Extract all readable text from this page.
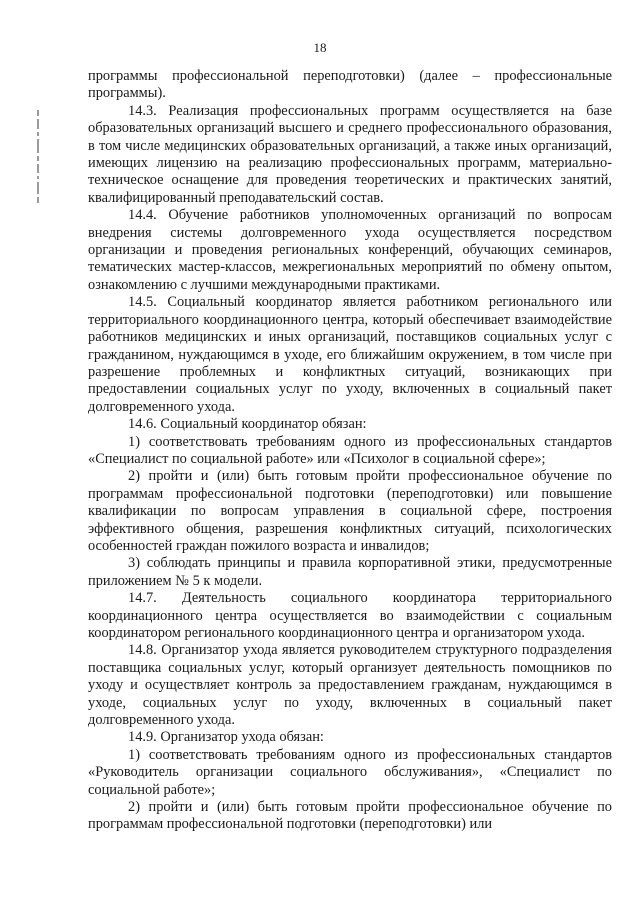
18

программы профессиональной переподготовки) (далее – профессиональные программы).

14.3. Реализация профессиональных программ осуществляется на базе образовательных организаций высшего и среднего профессионального образования, в том числе медицинских образовательных организаций, а также иных организаций, имеющих лицензию на реализацию профессиональных программ, материально-техническое оснащение для проведения теоретических и практических занятий, квалифицированный преподавательский состав.

14.4. Обучение работников уполномоченных организаций по вопросам внедрения системы долговременного ухода осуществляется посредством организации и проведения региональных конференций, обучающих семинаров, тематических мастер-классов, межрегиональных мероприятий по обмену опытом, ознакомлению с лучшими международными практиками.

14.5. Социальный координатор является работником регионального или территориального координационного центра, который обеспечивает взаимодействие работников медицинских и иных организаций, поставщиков социальных услуг с гражданином, нуждающимся в уходе, его ближайшим окружением, в том числе при разрешение проблемных и конфликтных ситуаций, возникающих при предоставлении социальных услуг по уходу, включенных в социальный пакет долговременного ухода.

14.6. Социальный координатор обязан:

1) соответствовать требованиям одного из профессиональных стандартов «Специалист по социальной работе» или «Психолог в социальной сфере»;

2) пройти и (или) быть готовым пройти профессиональное обучение по программам профессиональной подготовки (переподготовки) или повышение квалификации по вопросам управления в социальной сфере, построения эффективного общения, разрешения конфликтных ситуаций, психологических особенностей граждан пожилого возраста и инвалидов;

3) соблюдать принципы и правила корпоративной этики, предусмотренные приложением № 5 к модели.

14.7. Деятельность социального координатора территориального координационного центра осуществляется во взаимодействии с социальным координатором регионального координационного центра и организатором ухода.

14.8. Организатор ухода является руководителем структурного подразделения поставщика социальных услуг, который организует деятельность помощников по уходу и осуществляет контроль за предоставлением гражданам, нуждающимся в уходе, социальных услуг по уходу, включенных в социальный пакет долговременного ухода.

14.9. Организатор ухода обязан:

1) соответствовать требованиям одного из профессиональных стандартов «Руководитель организации социального обслуживания», «Специалист по социальной работе»;

2) пройти и (или) быть готовым пройти профессиональное обучение по программам профессиональной подготовки (переподготовки) или
